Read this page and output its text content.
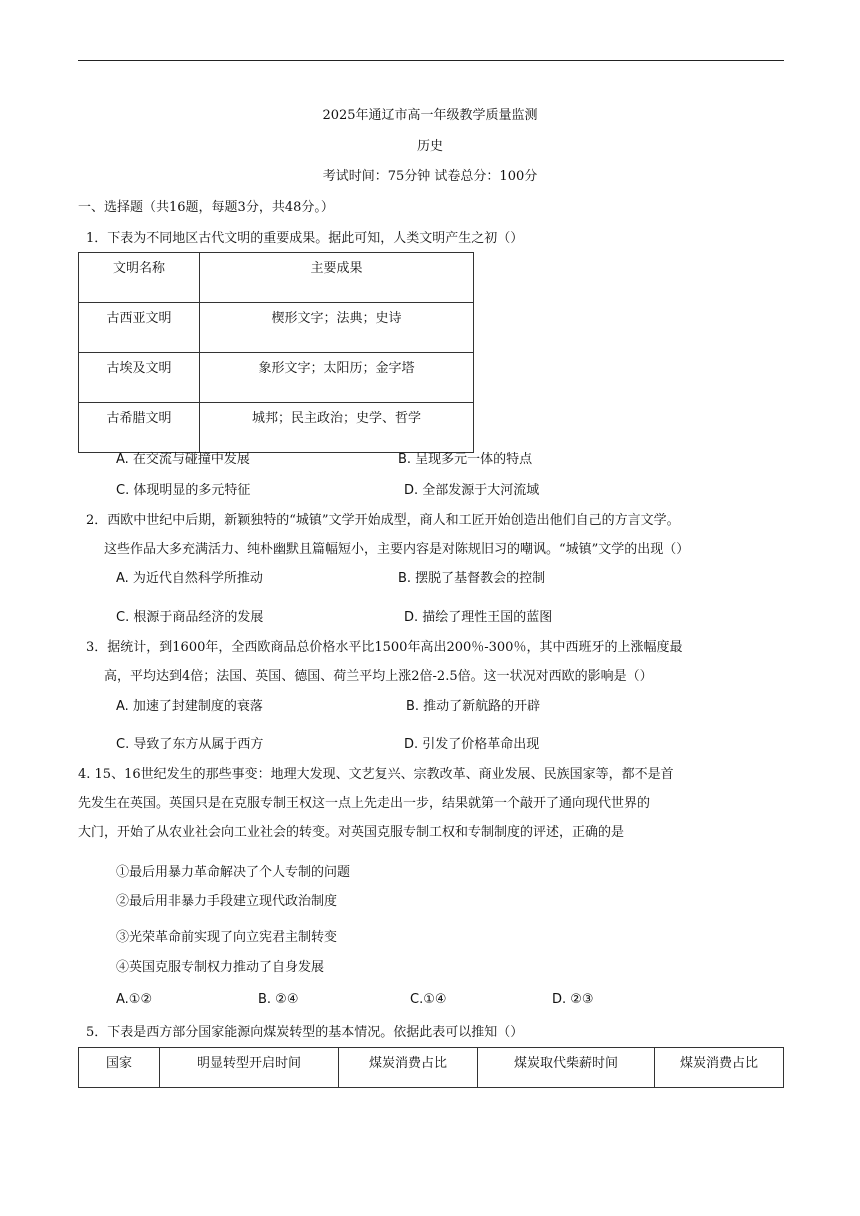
2025年通辽市高一年级教学质量监测
历史
考试时间：75分钟 试卷总分：100分
一、选择题（共16题，每题3分，共48分。）
1．下表为不同地区古代文明的重要成果。据此可知，人类文明产生之初（）
文明名称	主要成果
古西亚文明	楔形文字；法典；史诗
古埃及文明	象形文字；太阳历；金字塔
古希腊文明	城邦；民主政治；史学、哲学
A. 在交流与碰撞中发展	B. 呈现多元一体的特点
C. 体现明显的多元特征	D. 全部发源于大河流域
2．西欧中世纪中后期，新颖独特的“城镇”文学开始成型，商人和工匠开始创造出他们自己的方言文学。
这些作品大多充满活力、纯朴幽默且篇幅短小，主要内容是对陈规旧习的嘲讽。“城镇”文学的出现（）
A. 为近代自然科学所推动	B. 摆脱了基督教会的控制
C. 根源于商品经济的发展	D. 描绘了理性王国的蓝图
3．据统计，到1600年，全西欧商品总价格水平比1500年高出200％-300％，其中西班牙的上涨幅度最
高，平均达到4倍；法国、英国、德国、荷兰平均上涨2倍-2.5倍。这一状况对西欧的影响是（）
A. 加速了封建制度的衰落	B. 推动了新航路的开辟
C. 导致了东方从属于西方	D. 引发了价格革命出现
4. 15、16世纪发生的那些事变：地理大发现、文艺复兴、宗教改革、商业发展、民族国家等，都不是首
先发生在英国。英国只是在克服专制王权这一点上先走出一步，结果就第一个敲开了通向现代世界的
大门，开始了从农业社会向工业社会的转变。对英国克服专制工权和专制制度的评述，正确的是
①最后用暴力革命解决了个人专制的问题
②最后用非暴力手段建立现代政治制度
③光荣革命前实现了向立宪君主制转变
④英国克服专制权力推动了自身发展
A.①②	B. ②④	C.①④	D. ②③
5．下表是西方部分国家能源向煤炭转型的基本情况。依据此表可以推知（）
国家	明显转型开启时间	煤炭消费占比	煤炭取代柴薪时间	煤炭消费占比
